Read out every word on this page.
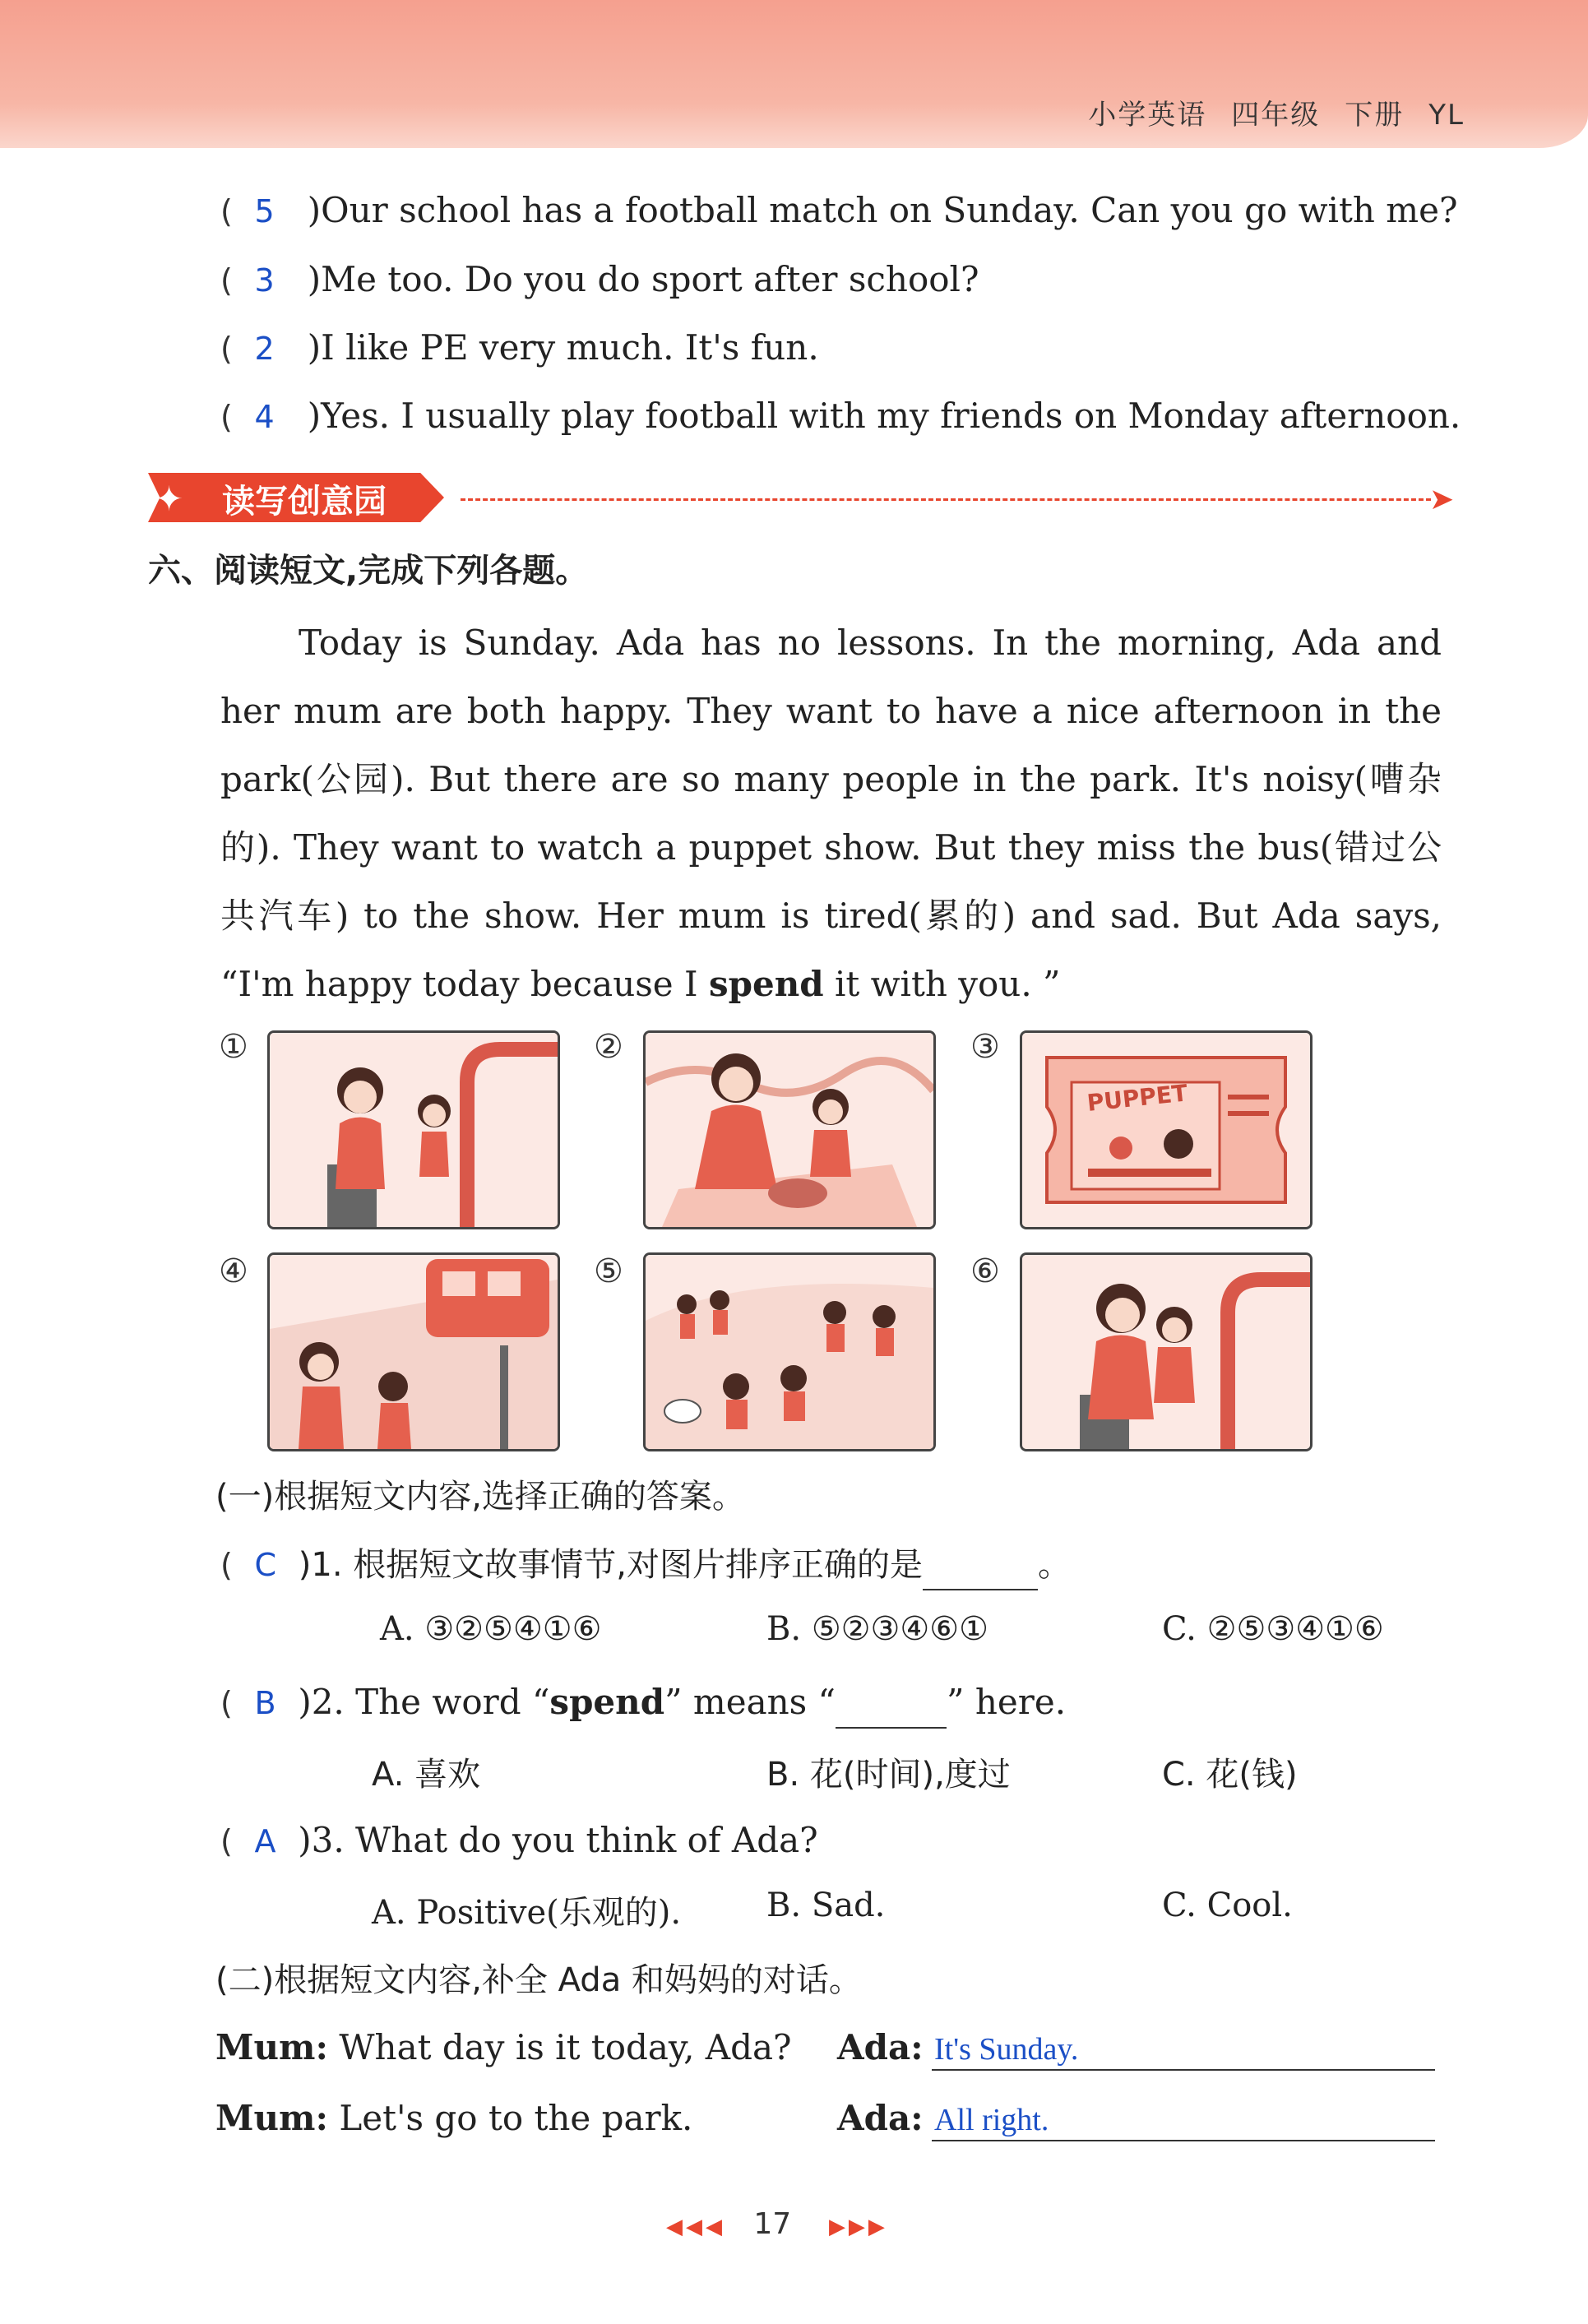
小学英语 四年级 下册 YL
( 5 )Our school has a football match on Sunday. Can you go with me?
( 3 )Me too. Do you do sport after school?
( 2 )I like PE very much. It's fun.
( 4 )Yes. I usually play football with my friends on Monday afternoon.
✦ 读写创意园	➤
六、阅读短文,完成下列各题。
Today is Sunday. Ada has no lessons. In the morning, Ada and her mum are both happy. They want to have a nice afternoon in the park(公园). But there are so many people in the park. It's noisy(嘈杂的). They want to watch a puppet show. But they miss the bus(错过公共汽车) to the show. Her mum is tired(累的) and sad. But Ada says, “I'm happy today because I spend it with you. ”
①	②	③
PUPPET
④	⑤	⑥
(一)根据短文内容,选择正确的答案。
( C )1. 根据短文故事情节,对图片排序正确的是	。
A. ③②⑤④①⑥	B. ⑤②③④⑥①	C. ②⑤③④①⑥
( B )2. The word “spend” means “	” here.
A. 喜欢	B. 花(时间),度过	C. 花(钱)
( A )3. What do you think of Ada?
A. Positive(乐观的).	B. Sad.	C. Cool.
(二)根据短文内容,补全 Ada 和妈妈的对话。
Mum: What day is it today, Ada? Ada: It's Sunday.
Mum: Let's go to the park.	Ada: All right.
◀◀◀ 17 ▶▶▶
